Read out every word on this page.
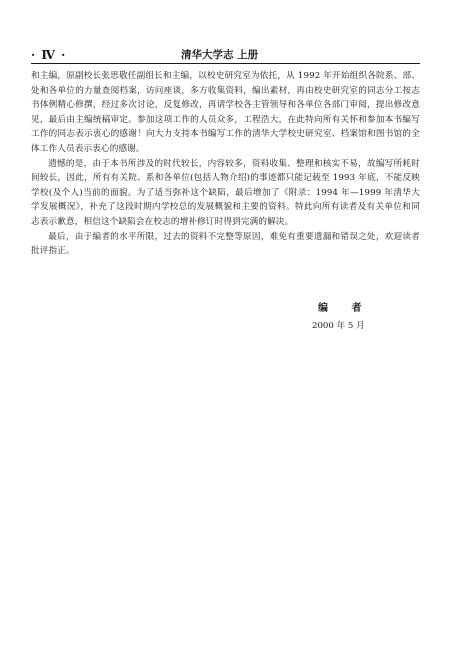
· Ⅳ ·	清华大学志 上册

和主编，原副校长张思敬任副组长和主编，以校史研究室为依托，从 1992 年开始组织各院系、部、处和各单位的力量查阅档案，访问座谈，多方收集资料，编出素材，再由校史研究室的同志分工按志书体例精心修撰，经过多次讨论，反复修改，再请学校各主管领导和各单位各部门审阅，提出修改意见，最后由主编统稿审定。参加这项工作的人员众多，工程浩大，在此特向所有关怀和参加本书编写工作的同志表示衷心的感谢！向大力支持本书编写工作的清华大学校史研究室、档案馆和图书馆的全体工作人员表示衷心的感谢。

遗憾的是，由于本书所涉及的时代较长，内容较多，资料收集、整理和核实不易，故编写所耗时间较长，因此，所有有关院、系和各单位(包括人物介绍)的事迹都只能记载至 1993 年底，不能反映学校(及个人)当前的面貌。为了适当弥补这个缺陷，最后增加了《附录：1994 年—1999 年清华大学发展概况》，补充了这段时期内学校总的发展概貌和主要的资料。特此向所有读者及有关单位和同志表示歉意，相信这个缺陷会在校志的增补修订时得到完满的解决。

最后，由于编者的水平所限，过去的资料不完整等原因，难免有重要遗漏和错误之处，欢迎读者批评指正。

编 者
2000 年 5 月
